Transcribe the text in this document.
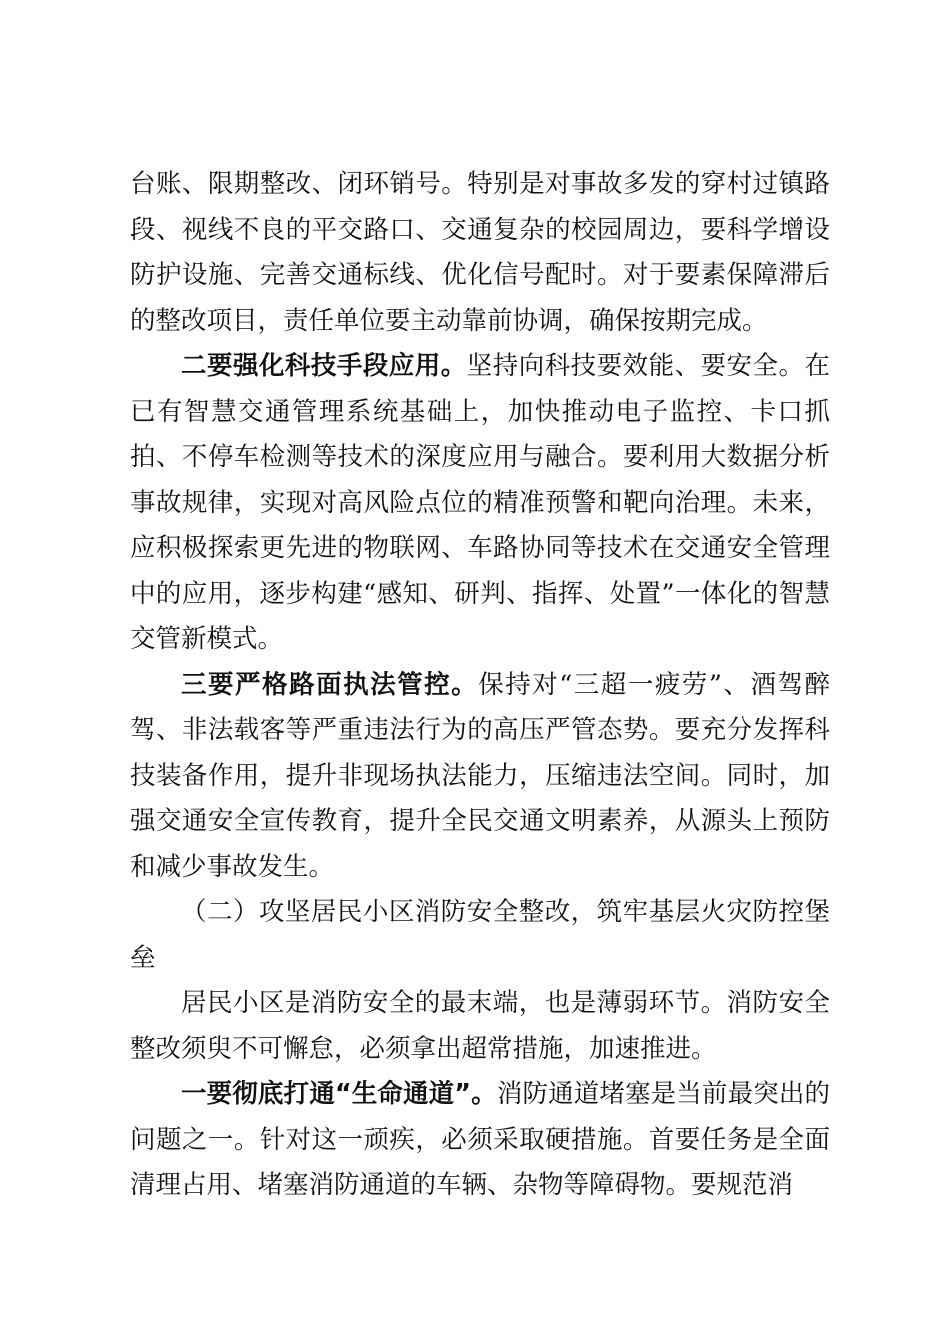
台账、限期整改、闭环销号。特别是对事故多发的穿村过镇路段、视线不良的平交路口、交通复杂的校园周边，要科学增设防护设施、完善交通标线、优化信号配时。对于要素保障滞后的整改项目，责任单位要主动靠前协调，确保按期完成。

二要强化科技手段应用。坚持向科技要效能、要安全。在已有智慧交通管理系统基础上，加快推动电子监控、卡口抓拍、不停车检测等技术的深度应用与融合。要利用大数据分析事故规律，实现对高风险点位的精准预警和靶向治理。未来，应积极探索更先进的物联网、车路协同等技术在交通安全管理中的应用，逐步构建“感知、研判、指挥、处置”一体化的智慧交管新模式。

三要严格路面执法管控。保持对“三超一疲劳”、酒驾醉驾、非法载客等严重违法行为的高压严管态势。要充分发挥科技装备作用，提升非现场执法能力，压缩违法空间。同时，加强交通安全宣传教育，提升全民交通文明素养，从源头上预防和减少事故发生。

（二）攻坚居民小区消防安全整改，筑牢基层火灾防控堡垒

居民小区是消防安全的最末端，也是薄弱环节。消防安全整改须臾不可懈怠，必须拿出超常措施，加速推进。

一要彻底打通“生命通道”。消防通道堵塞是当前最突出的问题之一。针对这一顽疾，必须采取硬措施。首要任务是全面清理占用、堵塞消防通道的车辆、杂物等障碍物。要规范消
